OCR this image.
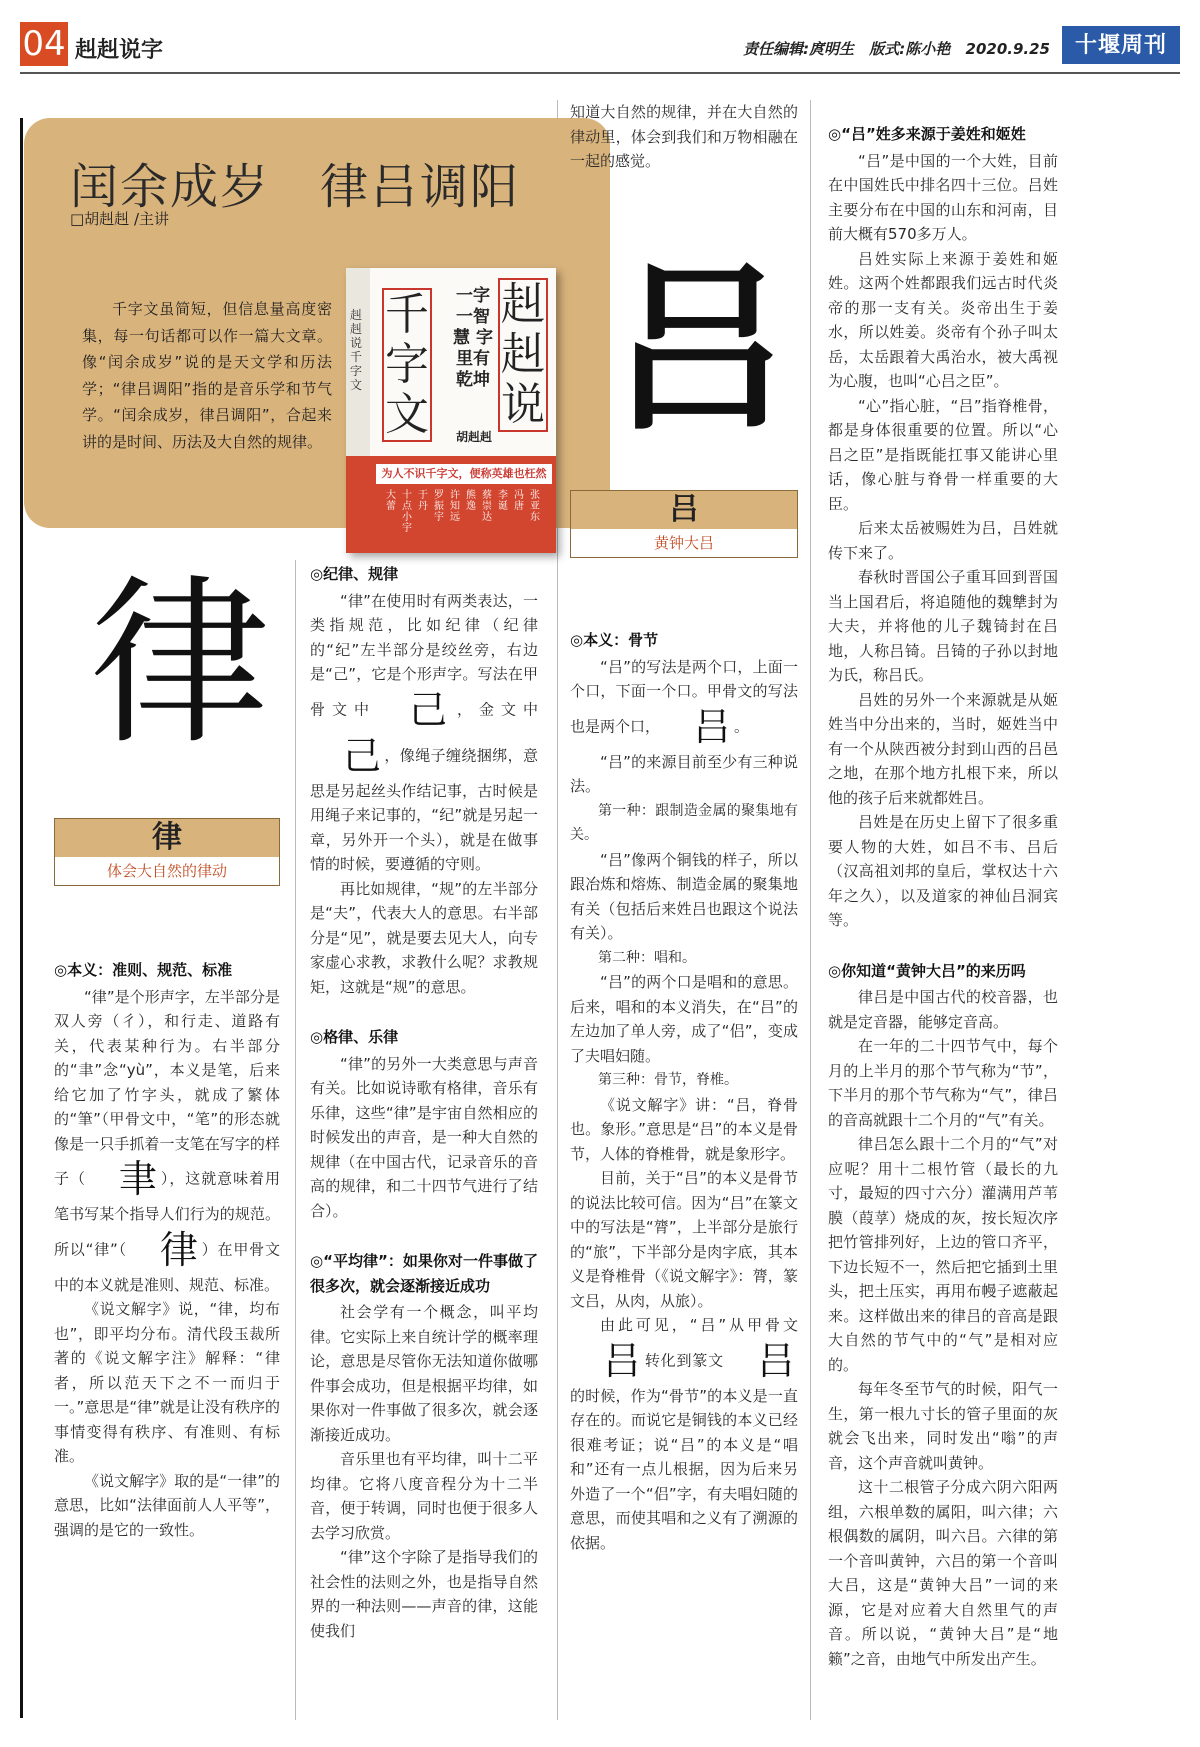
04 赳赳说字	责任编辑:庹明生 版式:陈小艳 2020.9.25	十堰周刊
闰余成岁　律吕调阳
□胡赳赳 /主讲

千字文虽简短，但信息量高度密集，每一句话都可以作一篇大文章。像“闰余成岁”说的是天文学和历法学；“律吕调阳”指的是音乐学和节气学。“闰余成岁，律吕调阳”，合起来讲的是时间、历法及大自然的规律。

赳赳说千字文
千字文
一字一智慧 字里有乾坤
赳赳说
胡赳赳
为人不识千字文，便称英雄也枉然
大蕾
十点小宇
于丹
罗振宇
许知远
熊逸
蔡崇达
李诞
冯唐
张亚东
律
律
体会大自然的律动
吕
吕
黄钟大吕
◎本义：准则、规范、标准

“律”是个形声字，左半部分是双人旁（彳），和行走、道路有关，代表某种行为。右半部分的“聿”念“yù”，本义是笔，后来给它加了竹字头，就成了繁体的“筆”（甲骨文中，“笔”的形态就像是一只手抓着一支笔在写字的样子（ 聿 ），这就意味着用笔书写某个指导人们行为的规范。所以“律”（ 律 ）在甲骨文中的本义就是准则、规范、标准。

《说文解字》说，“律，均布也”，即平均分布。清代段玉裁所著的《说文解字注》解释：“律者，所以范天下之不一而归于一。”意思是“律”就是让没有秩序的事情变得有秩序、有准则、有标准。

《说文解字》取的是“一律”的意思，比如“法律面前人人平等”，强调的是它的一致性。

◎纪律、规律

“律”在使用时有两类表达，一类指规范，比如纪律（纪律的“纪”左半部分是绞丝旁，右边是“己”，它是个形声字。写法在甲骨文中 己 ，金文中己 ，像绳子缠绕捆绑，意思是另起丝头作结记事，古时候是用绳子来记事的，“纪”就是另起一章，另外开一个头），就是在做事情的时候，要遵循的守则。

再比如规律，“规”的左半部分是“夫”，代表大人的意思。右半部分是“见”，就是要去见大人，向专家虚心求教，求教什么呢？求教规矩，这就是“规”的意思。

◎格律、乐律

“律”的另外一大类意思与声音有关。比如说诗歌有格律，音乐有乐律，这些“律”是宇宙自然相应的时候发出的声音，是一种大自然的规律（在中国古代，记录音乐的音高的规律，和二十四节气进行了结合）。

◎“平均律”：如果你对一件事做了很多次，就会逐渐接近成功

社会学有一个概念，叫平均律。它实际上来自统计学的概率理论，意思是尽管你无法知道你做哪件事会成功，但是根据平均律，如果你对一件事做了很多次，就会逐渐接近成功。

音乐里也有平均律，叫十二平均律。它将八度音程分为十二半音，便于转调，同时也便于很多人去学习欣赏。

“律”这个字除了是指导我们的社会性的法则之外，也是指导自然界的一种法则——声音的律，这能使我们

知道大自然的规律，并在大自然的律动里，体会到我们和万物相融在一起的感觉。

◎本义：骨节

“吕”的写法是两个口，上面一个口，下面一个口。甲骨文的写法也是两个口， 吕 。

“吕”的来源目前至少有三种说法。

第一种：跟制造金属的聚集地有关。

“吕”像两个铜钱的样子，所以跟冶炼和熔炼、制造金属的聚集地有关（包括后来姓吕也跟这个说法有关）。

第二种：唱和。

“吕”的两个口是唱和的意思。后来，唱和的本义消失，在“吕”的左边加了单人旁，成了“侣”，变成了夫唱妇随。

第三种：骨节，脊椎。

《说文解字》讲：“吕，脊骨也。象形。”意思是“吕”的本义是骨节，人体的脊椎骨，就是象形字。

目前，关于“吕”的本义是骨节的说法比较可信。因为“吕”在篆文中的写法是“膂”，上半部分是旅行的“旅”，下半部分是肉字底，其本义是脊椎骨（《说文解字》：膂，篆文吕，从肉，从旅）。

由此可见，“吕”从甲骨文吕 转化到篆文 吕的时候，作为“骨节”的本义是一直存在的。而说它是铜钱的本义已经很难考证；说“吕”的本义是“唱和”还有一点儿根据，因为后来另外造了一个“侣”字，有夫唱妇随的意思，而使其唱和之义有了溯源的依据。

◎“吕”姓多来源于姜姓和姬姓

“吕”是中国的一个大姓，目前在中国姓氏中排名四十三位。吕姓主要分布在中国的山东和河南，目前大概有570多万人。

吕姓实际上来源于姜姓和姬姓。这两个姓都跟我们远古时代炎帝的那一支有关。炎帝出生于姜水，所以姓姜。炎帝有个孙子叫太岳，太岳跟着大禹治水，被大禹视为心腹，也叫“心吕之臣”。

“心”指心脏，“吕”指脊椎骨，都是身体很重要的位置。所以“心吕之臣”是指既能扛事又能讲心里话，像心脏与脊骨一样重要的大臣。

后来太岳被赐姓为吕，吕姓就传下来了。

春秋时晋国公子重耳回到晋国当上国君后，将追随他的魏犨封为大夫，并将他的儿子魏锜封在吕地，人称吕锜。吕锜的子孙以封地为氏，称吕氏。

吕姓的另外一个来源就是从姬姓当中分出来的，当时，姬姓当中有一个从陕西被分封到山西的吕邑之地，在那个地方扎根下来，所以他的孩子后来就都姓吕。

吕姓是在历史上留下了很多重要人物的大姓，如吕不韦、吕后（汉高祖刘邦的皇后，掌权达十六年之久），以及道家的神仙吕洞宾等。

◎你知道“黄钟大吕”的来历吗

律吕是中国古代的校音器，也就是定音器，能够定音高。

在一年的二十四节气中，每个月的上半月的那个节气称为“节”，下半月的那个节气称为“气”，律吕的音高就跟十二个月的“气”有关。

律吕怎么跟十二个月的“气”对应呢？用十二根竹管（最长的九寸，最短的四寸六分）灌满用芦苇膜（葭莩）烧成的灰，按长短次序把竹管排列好，上边的管口齐平，下边长短不一，然后把它插到土里头，把土压实，再用布幔子遮蔽起来。这样做出来的律吕的音高是跟大自然的节气中的“气”是相对应的。

每年冬至节气的时候，阳气一生，第一根九寸长的管子里面的灰就会飞出来，同时发出“嗡”的声音，这个声音就叫黄钟。

这十二根管子分成六阴六阳两组，六根单数的属阳，叫六律；六根偶数的属阴，叫六吕。六律的第一个音叫黄钟，六吕的第一个音叫大吕，这是“黄钟大吕”一词的来源，它是对应着大自然里气的声音。所以说，“黄钟大吕”是“地籁”之音，由地气中所发出产生。
